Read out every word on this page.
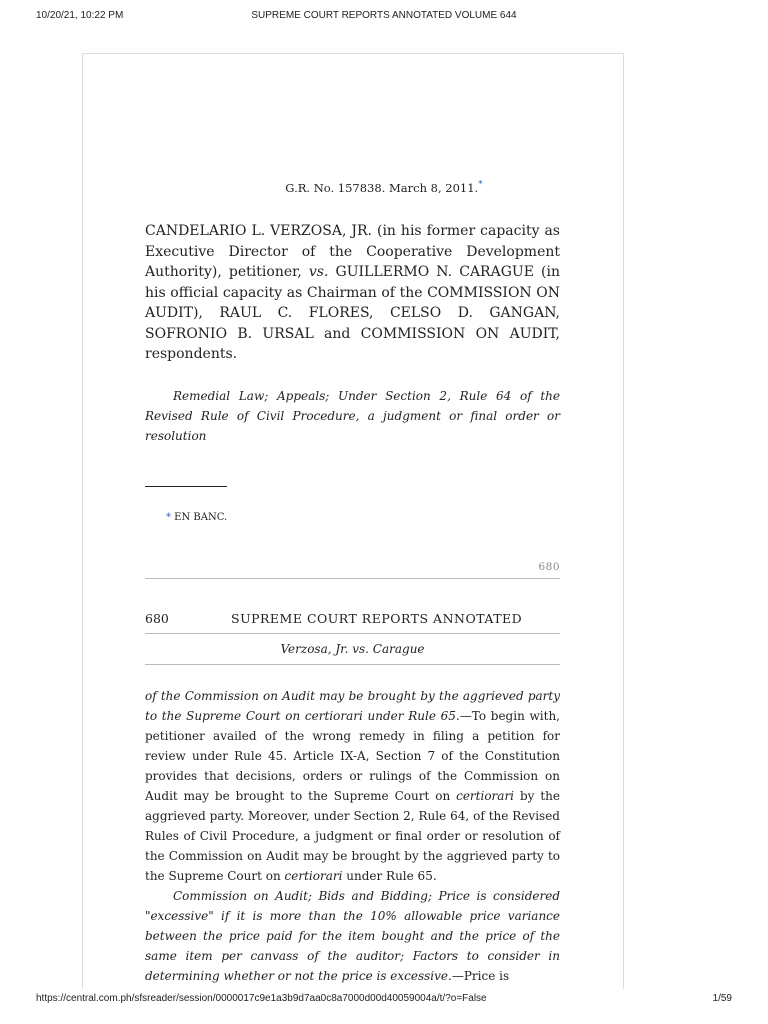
10/20/21, 10:22 PM	SUPREME COURT REPORTS ANNOTATED VOLUME 644
G.R. No. 157838. March 8, 2011.*
CANDELARIO L. VERZOSA, JR. (in his former capacity as Executive Director of the Cooperative Development Authority), petitioner, vs. GUILLERMO N. CARAGUE (in his official capacity as Chairman of the COMMISSION ON AUDIT), RAUL C. FLORES, CELSO D. GANGAN, SOFRONIO B. URSAL and COMMISSION ON AUDIT, respondents.
Remedial Law; Appeals; Under Section 2, Rule 64 of the Revised Rule of Civil Procedure, a judgment or final order or resolution
* EN BANC.
680
680	SUPREME COURT REPORTS ANNOTATED
Verzosa, Jr. vs. Carague

of the Commission on Audit may be brought by the aggrieved party to the Supreme Court on certiorari under Rule 65.—To begin with, petitioner availed of the wrong remedy in filing a petition for review under Rule 45. Article IX-A, Section 7 of the Constitution provides that decisions, orders or rulings of the Commission on Audit may be brought to the Supreme Court on certiorari by the aggrieved party. Moreover, under Section 2, Rule 64, of the Revised Rules of Civil Procedure, a judgment or final order or resolution of the Commission on Audit may be brought by the aggrieved party to the Supreme Court on certiorari under Rule 65.

Commission on Audit; Bids and Bidding; Price is considered "excessive" if it is more than the 10% allowable price variance between the price paid for the item bought and the price of the same item per canvass of the auditor; Factors to consider in determining whether or not the price is excessive.—Price is

https://central.com.ph/sfsreader/session/0000017c9e1a3b9d7aa0c8a7000d00d40059004a/t/?o=False	1/59
